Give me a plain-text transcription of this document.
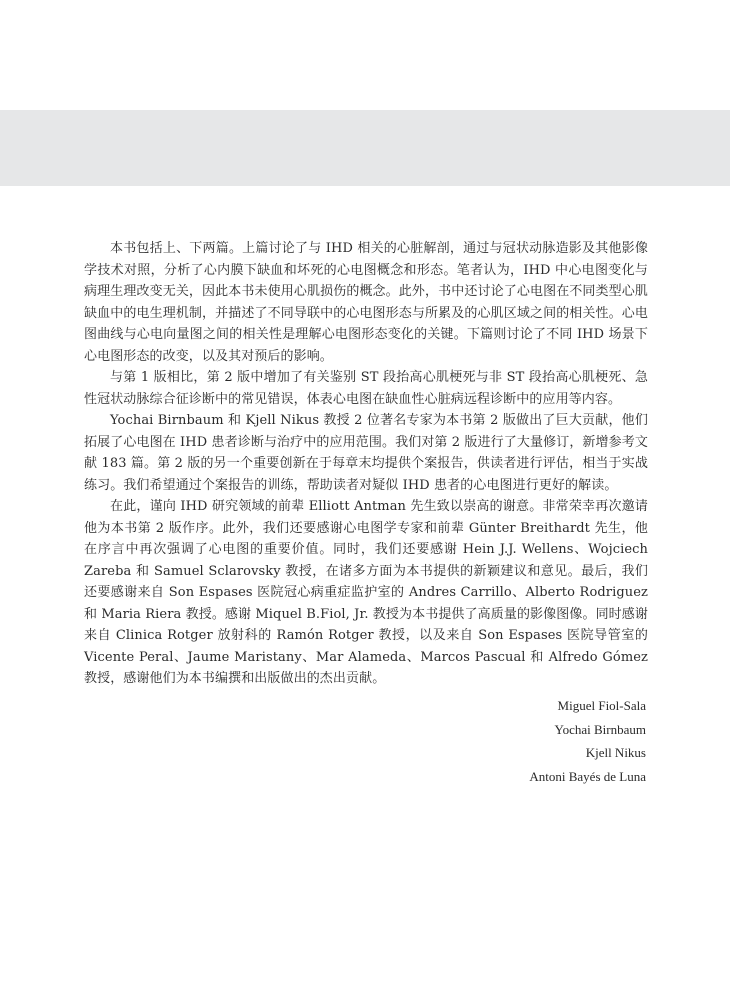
本书包括上、下两篇。上篇讨论了与 IHD 相关的心脏解剖，通过与冠状动脉造影及其他影像学技术对照，分析了心内膜下缺血和坏死的心电图概念和形态。笔者认为，IHD 中心电图变化与病理生理改变无关，因此本书未使用心肌损伤的概念。此外，书中还讨论了心电图在不同类型心肌缺血中的电生理机制，并描述了不同导联中的心电图形态与所累及的心肌区域之间的相关性。心电图曲线与心电向量图之间的相关性是理解心电图形态变化的关键。下篇则讨论了不同 IHD 场景下心电图形态的改变，以及其对预后的影响。

与第 1 版相比，第 2 版中增加了有关鉴别 ST 段抬高心肌梗死与非 ST 段抬高心肌梗死、急性冠状动脉综合征诊断中的常见错误，体表心电图在缺血性心脏病远程诊断中的应用等内容。

Yochai Birnbaum 和 Kjell Nikus 教授 2 位著名专家为本书第 2 版做出了巨大贡献，他们拓展了心电图在 IHD 患者诊断与治疗中的应用范围。我们对第 2 版进行了大量修订，新增参考文献 183 篇。第 2 版的另一个重要创新在于每章末均提供个案报告，供读者进行评估，相当于实战练习。我们希望通过个案报告的训练，帮助读者对疑似 IHD 患者的心电图进行更好的解读。

在此，谨向 IHD 研究领域的前辈 Elliott Antman 先生致以崇高的谢意。非常荣幸再次邀请他为本书第 2 版作序。此外，我们还要感谢心电图学专家和前辈 Günter Breithardt 先生，他在序言中再次强调了心电图的重要价值。同时，我们还要感谢 Hein J.J. Wellens、Wojciech Zareba 和 Samuel Sclarovsky 教授，在诸多方面为本书提供的新颖建议和意见。最后，我们还要感谢来自 Son Espases 医院冠心病重症监护室的 Andres Carrillo、Alberto Rodriguez 和 Maria Riera 教授。感谢 Miquel B.Fiol, Jr. 教授为本书提供了高质量的影像图像。同时感谢来自 Clinica Rotger 放射科的 Ramón Rotger 教授，以及来自 Son Espases 医院导管室的 Vicente Peral、Jaume Maristany、Mar Alameda、Marcos Pascual 和 Alfredo Gómez 教授，感谢他们为本书编撰和出版做出的杰出贡献。

Miguel Fiol-Sala
Yochai Birnbaum
Kjell Nikus
Antoni Bayés de Luna
